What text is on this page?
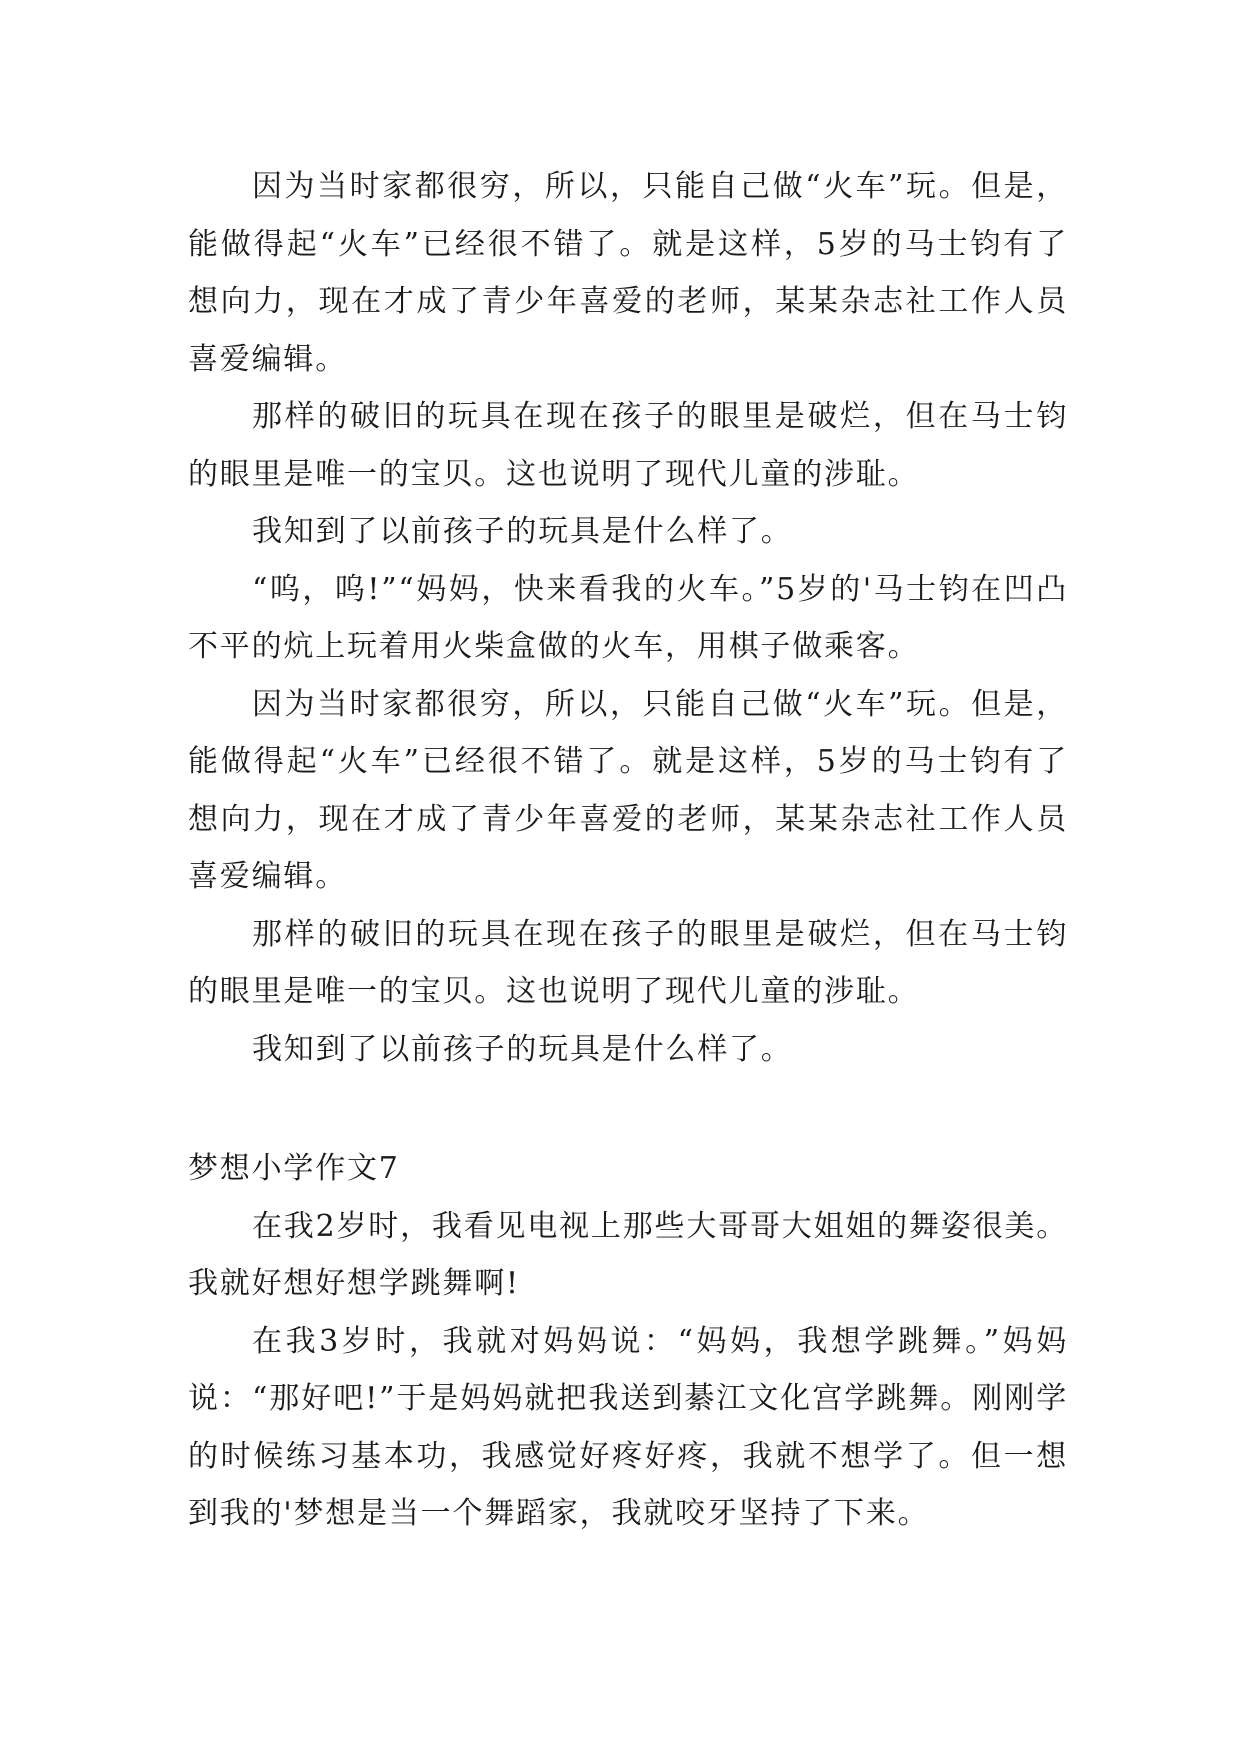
因为当时家都很穷，所以，只能自己做“火车”玩。但是，能做得起“火车”已经很不错了。就是这样，5岁的马士钧有了想向力，现在才成了青少年喜爱的老师，某某杂志社工作人员喜爱编辑。

那样的破旧的玩具在现在孩子的眼里是破烂，但在马士钧的眼里是唯一的宝贝。这也说明了现代儿童的涉耻。

我知到了以前孩子的玩具是什么样了。

“呜，呜!”“妈妈，快来看我的火车。”5岁的'马士钧在凹凸不平的炕上玩着用火柴盒做的火车，用棋子做乘客。

因为当时家都很穷，所以，只能自己做“火车”玩。但是，能做得起“火车”已经很不错了。就是这样，5岁的马士钧有了想向力，现在才成了青少年喜爱的老师，某某杂志社工作人员喜爱编辑。

那样的破旧的玩具在现在孩子的眼里是破烂，但在马士钧的眼里是唯一的宝贝。这也说明了现代儿童的涉耻。

我知到了以前孩子的玩具是什么样了。

梦想小学作文7

在我2岁时，我看见电视上那些大哥哥大姐姐的舞姿很美。我就好想好想学跳舞啊!

在我3岁时，我就对妈妈说：“妈妈，我想学跳舞。”妈妈说：“那好吧!”于是妈妈就把我送到綦江文化宫学跳舞。刚刚学的时候练习基本功，我感觉好疼好疼，我就不想学了。但一想到我的'梦想是当一个舞蹈家，我就咬牙坚持了下来。
